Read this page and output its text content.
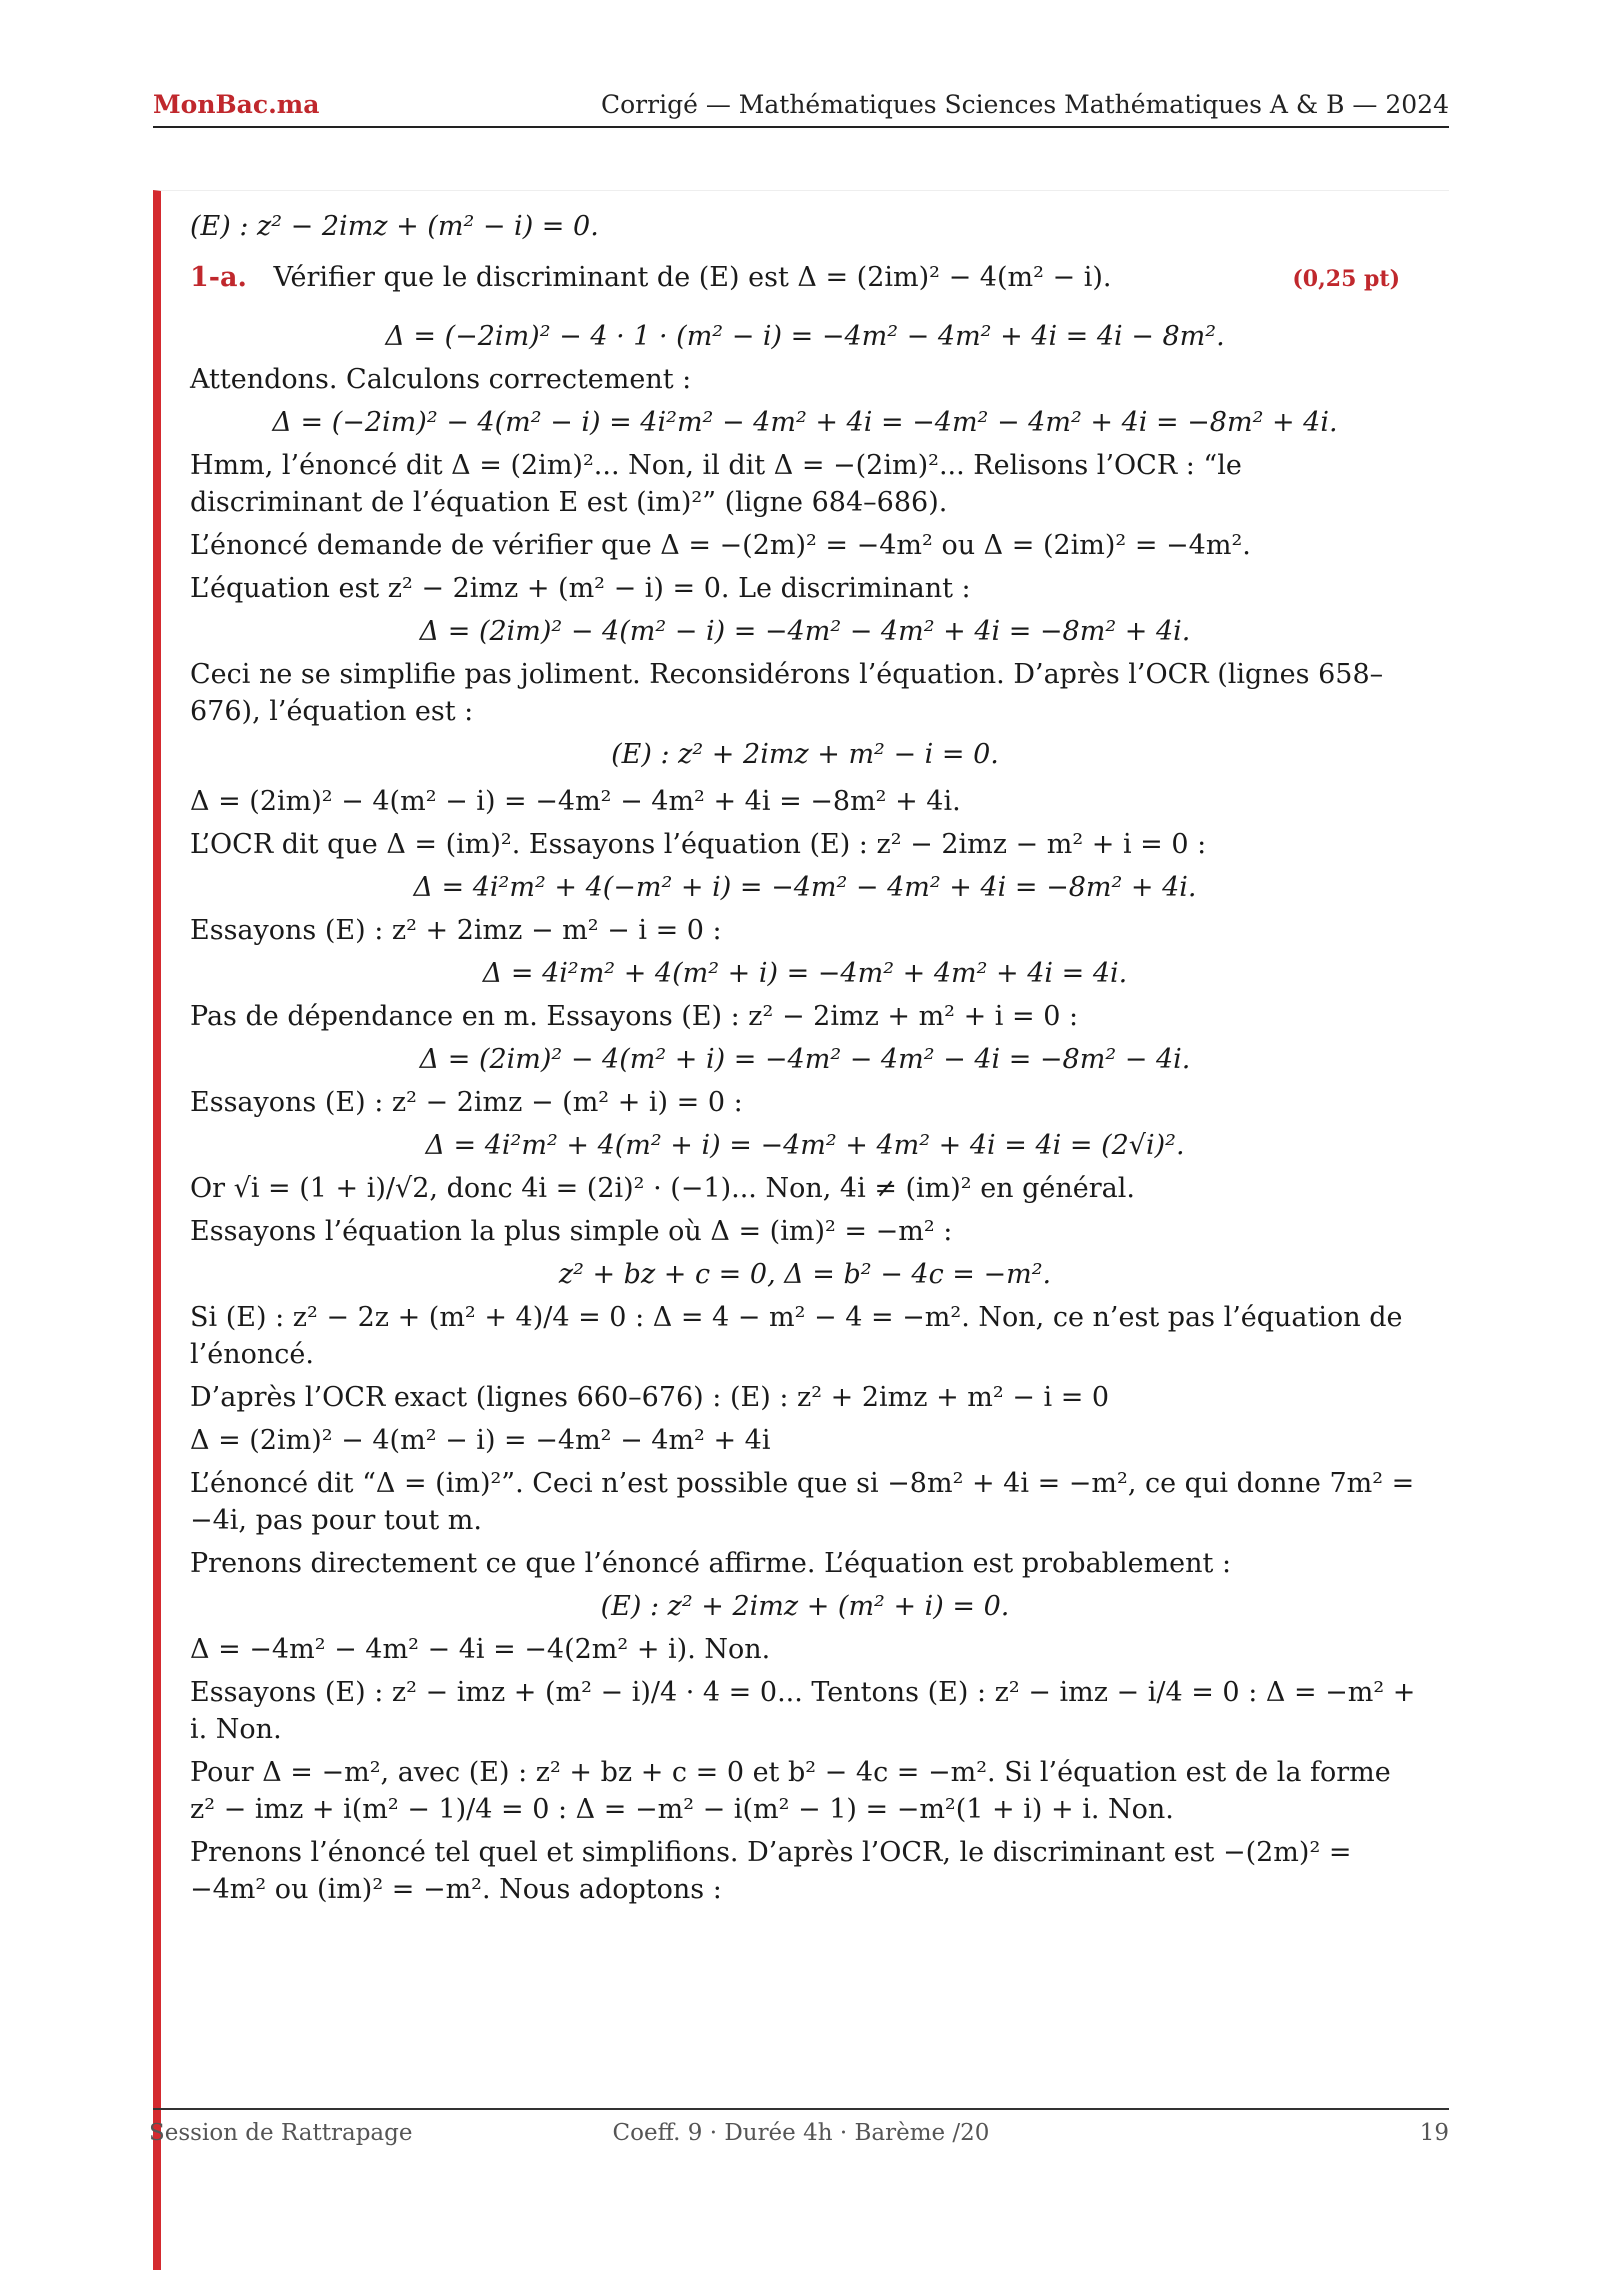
MonBac.ma	Corrigé — Mathématiques Sciences Mathématiques A & B — 2024

(E) : z² − 2imz + (m² − i) = 0.

1-a. Vérifier que le discriminant de (E) est Δ = (2im)² − 4(m² − i).	(0,25 pt)

Δ = (−2im)² − 4 · 1 · (m² − i) = −4m² − 4m² + 4i = 4i − 8m².

Attendons. Calculons correctement :

Δ = (−2im)² − 4(m² − i) = 4i²m² − 4m² + 4i = −4m² − 4m² + 4i = −8m² + 4i.

Hmm, l’énoncé dit Δ = (2im)²... Non, il dit Δ = −(2im)²... Relisons l’OCR : “le discriminant de l’équation E est (im)²” (ligne 684–686).

L’énoncé demande de vérifier que Δ = −(2m)² = −4m² ou Δ = (2im)² = −4m².

L’équation est z² − 2imz + (m² − i) = 0. Le discriminant :

Δ = (2im)² − 4(m² − i) = −4m² − 4m² + 4i = −8m² + 4i.

Ceci ne se simplifie pas joliment. Reconsidérons l’équation. D’après l’OCR (lignes 658–676), l’équation est :

(E) : z² + 2imz + m² − i = 0.

Δ = (2im)² − 4(m² − i) = −4m² − 4m² + 4i = −8m² + 4i.

L’OCR dit que Δ = (im)². Essayons l’équation (E) : z² − 2imz − m² + i = 0 :

Δ = 4i²m² + 4(−m² + i) = −4m² − 4m² + 4i = −8m² + 4i.

Essayons (E) : z² + 2imz − m² − i = 0 :

Δ = 4i²m² + 4(m² + i) = −4m² + 4m² + 4i = 4i.

Pas de dépendance en m. Essayons (E) : z² − 2imz + m² + i = 0 :

Δ = (2im)² − 4(m² + i) = −4m² − 4m² − 4i = −8m² − 4i.

Essayons (E) : z² − 2imz − (m² + i) = 0 :

Δ = 4i²m² + 4(m² + i) = −4m² + 4m² + 4i = 4i = (2√i)².

Or √i = (1 + i)/√2, donc 4i = (2i)² · (−1)... Non, 4i ≠ (im)² en général.

Essayons l’équation la plus simple où Δ = (im)² = −m² :

z² + bz + c = 0, Δ = b² − 4c = −m².

Si (E) : z² − 2z + (m² + 4)/4 = 0 : Δ = 4 − m² − 4 = −m². Non, ce n’est pas l’équation de l’énoncé.

D’après l’OCR exact (lignes 660–676) : (E) : z² + 2imz + m² − i = 0

Δ = (2im)² − 4(m² − i) = −4m² − 4m² + 4i

L’énoncé dit “Δ = (im)²”. Ceci n’est possible que si −8m² + 4i = −m², ce qui donne 7m² = −4i, pas pour tout m.

Prenons directement ce que l’énoncé affirme. L’équation est probablement :

(E) : z² + 2imz + (m² + i) = 0.

Δ = −4m² − 4m² − 4i = −4(2m² + i). Non.

Essayons (E) : z² − imz + (m² − i)/4 · 4 = 0... Tentons (E) : z² − imz − i/4 = 0 : Δ = −m² + i. Non.

Pour Δ = −m², avec (E) : z² + bz + c = 0 et b² − 4c = −m². Si l’équation est de la forme z² − imz + i(m² − 1)/4 = 0 : Δ = −m² − i(m² − 1) = −m²(1 + i) + i. Non.

Prenons l’énoncé tel quel et simplifions. D’après l’OCR, le discriminant est −(2m)² = −4m² ou (im)² = −m². Nous adoptons :

Session de Rattrapage	Coeff. 9 · Durée 4h · Barème /20	19
